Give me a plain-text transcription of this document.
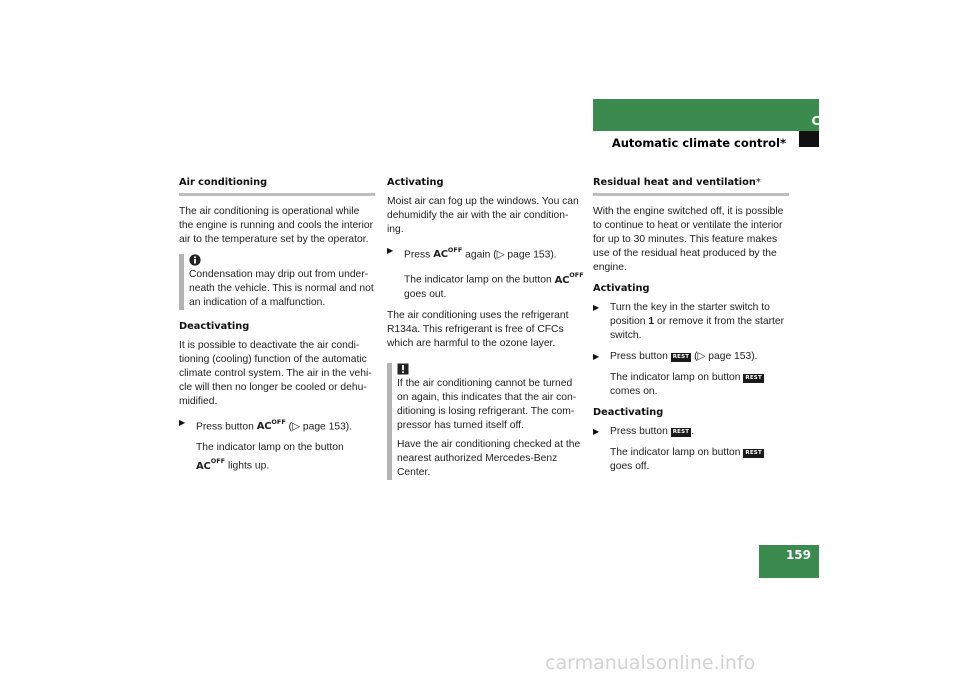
Controls in detail
Automatic climate control*
159
Air conditioning

The air conditioning is operational while the engine is running and cools the interior air to the temperature set by the operator.

Condensation may drip out from under-neath the vehicle. This is normal and not an indication of a malfunction.

Deactivating

It is possible to deactivate the air condi-tioning (cooling) function of the automatic climate control system. The air in the vehi-cle will then no longer be cooled or dehu-midified.

▶ Press button $AC^{OFF}$ (▷ page 153).
The indicator lamp on the button $AC^{OFF}$ lights up.
Activating

Moist air can fog up the windows. You can dehumidify the air with the air condition-ing.

▶ Press $AC^{OFF}$ again (▷ page 153).
The indicator lamp on the button $AC^{OFF}$ goes out.

The air conditioning uses the refrigerant R134a. This refrigerant is free of CFCs which are harmful to the ozone layer.

If the air conditioning cannot be turned on again, this indicates that the air con-ditioning is losing refrigerant. The com-pressor has turned itself off.

Have the air conditioning checked at the nearest authorized Mercedes-Benz Center.

Residual heat and ventilation*

With the engine switched off, it is possible to continue to heat or ventilate the interior for up to 30 minutes. This feature makes use of the residual heat produced by the engine.

Activating
▶ Turn the key in the starter switch to position 1 or remove it from the starter switch.
▶ Press button REST (▷ page 153).
The indicator lamp on button REST comes on.
Deactivating
▶ Press button REST .
The indicator lamp on button REST goes off.
carmanualsonline.info
